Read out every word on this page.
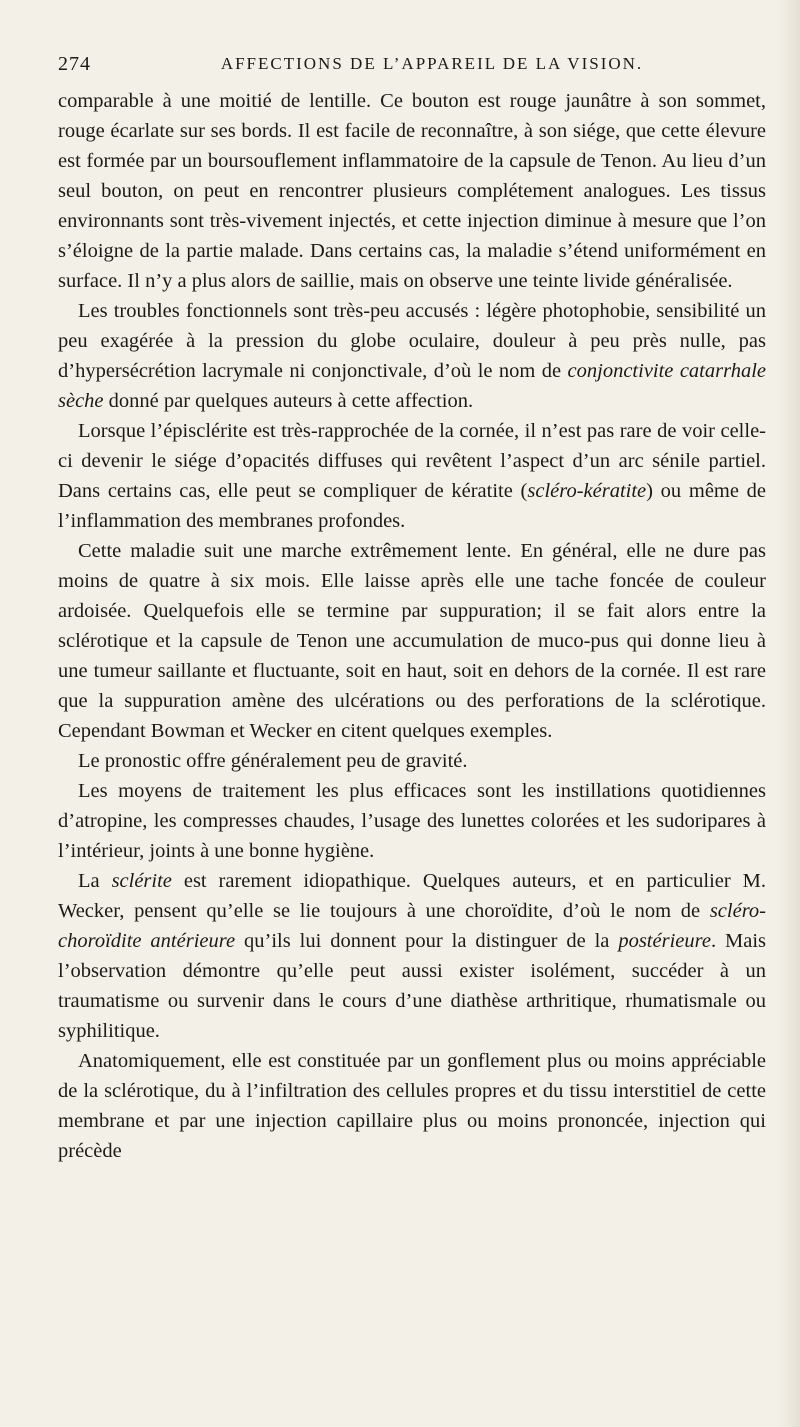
274	AFFECTIONS DE L’APPAREIL DE LA VISION.

comparable à une moitié de lentille. Ce bouton est rouge jaunâtre à son sommet, rouge écarlate sur ses bords. Il est facile de reconnaître, à son siége, que cette élevure est formée par un boursouflement inflammatoire de la capsule de Tenon. Au lieu d’un seul bouton, on peut en rencontrer plusieurs complétement analogues. Les tissus environnants sont très-vivement injectés, et cette injection diminue à mesure que l’on s’éloigne de la partie malade. Dans certains cas, la maladie s’étend uniformément en surface. Il n’y a plus alors de saillie, mais on observe une teinte livide généralisée.

Les troubles fonctionnels sont très-peu accusés : légère photophobie, sensibilité un peu exagérée à la pression du globe oculaire, douleur à peu près nulle, pas d’hypersécrétion lacrymale ni conjonctivale, d’où le nom de conjonctivite catarrhale sèche donné par quelques auteurs à cette affection.

Lorsque l’épisclérite est très-rapprochée de la cornée, il n’est pas rare de voir celle-ci devenir le siége d’opacités diffuses qui revêtent l’aspect d’un arc sénile partiel. Dans certains cas, elle peut se compliquer de kératite (scléro-kératite) ou même de l’inflammation des membranes profondes.

Cette maladie suit une marche extrêmement lente. En général, elle ne dure pas moins de quatre à six mois. Elle laisse après elle une tache foncée de couleur ardoisée. Quelquefois elle se termine par suppuration; il se fait alors entre la sclérotique et la capsule de Tenon une accumulation de muco-pus qui donne lieu à une tumeur saillante et fluctuante, soit en haut, soit en dehors de la cornée. Il est rare que la suppuration amène des ulcérations ou des perforations de la sclérotique. Cependant Bowman et Wecker en citent quelques exemples.

Le pronostic offre généralement peu de gravité.

Les moyens de traitement les plus efficaces sont les instillations quotidiennes d’atropine, les compresses chaudes, l’usage des lunettes colorées et les sudoripares à l’intérieur, joints à une bonne hygiène.

La sclérite est rarement idiopathique. Quelques auteurs, et en particulier M. Wecker, pensent qu’elle se lie toujours à une choroïdite, d’où le nom de scléro-choroïdite antérieure qu’ils lui donnent pour la distinguer de la postérieure. Mais l’observation démontre qu’elle peut aussi exister isolément, succéder à un traumatisme ou survenir dans le cours d’une diathèse arthritique, rhumatismale ou syphilitique.

Anatomiquement, elle est constituée par un gonflement plus ou moins appréciable de la sclérotique, du à l’infiltration des cellules propres et du tissu interstitiel de cette membrane et par une injection capillaire plus ou moins prononcée, injection qui précède
